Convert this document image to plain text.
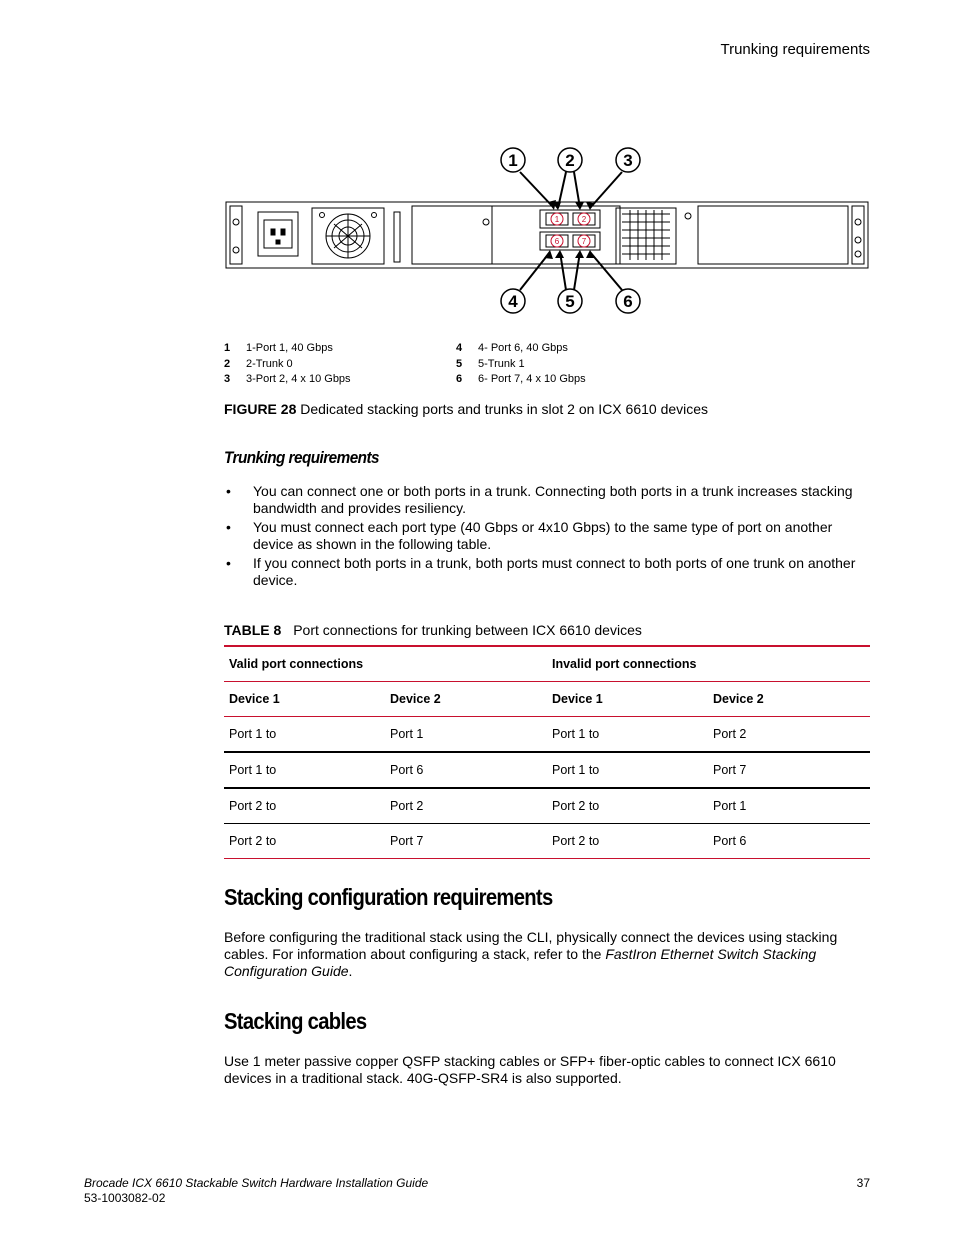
Trunking requirements
1	2
6	7
1	2	3
4	5	6
1	1-Port 1, 40 Gbps
2	2-Trunk 0
3	3-Port 2, 4 x 10 Gbps
4	4- Port 6, 40 Gbps
5	5-Trunk 1
6	6- Port 7, 4 x 10 Gbps
FIGURE 28 Dedicated stacking ports and trunks in slot 2 on ICX 6610 devices
Trunking requirements
• You can connect one or both ports in a trunk. Connecting both ports in a trunk increases stacking bandwidth and provides resiliency.
• You must connect each port type (40 Gbps or 4x10 Gbps) to the same type of port on another device as shown in the following table.
• If you connect both ports in a trunk, both ports must connect to both ports of one trunk on another device.
TABLE 8 Port connections for trunking between ICX 6610 devices
Valid port connections		Invalid port connections	
Device 1	Device 2	Device 1	Device 2
Port 1 to	Port 1	Port 1 to	Port 2
Port 1 to	Port 6	Port 1 to	Port 7
Port 2 to	Port 2	Port 2 to	Port 1
Port 2 to	Port 7	Port 2 to	Port 6
Stacking configuration requirements
Before configuring the traditional stack using the CLI, physically connect the devices using stacking cables. For information about configuring a stack, refer to the FastIron Ethernet Switch Stacking Configuration Guide.
Stacking cables
Use 1 meter passive copper QSFP stacking cables or SFP+ fiber-optic cables to connect ICX 6610 devices in a traditional stack. 40G-QSFP-SR4 is also supported.
Brocade ICX 6610 Stackable Switch Hardware Installation Guide
53-1003082-02
37
